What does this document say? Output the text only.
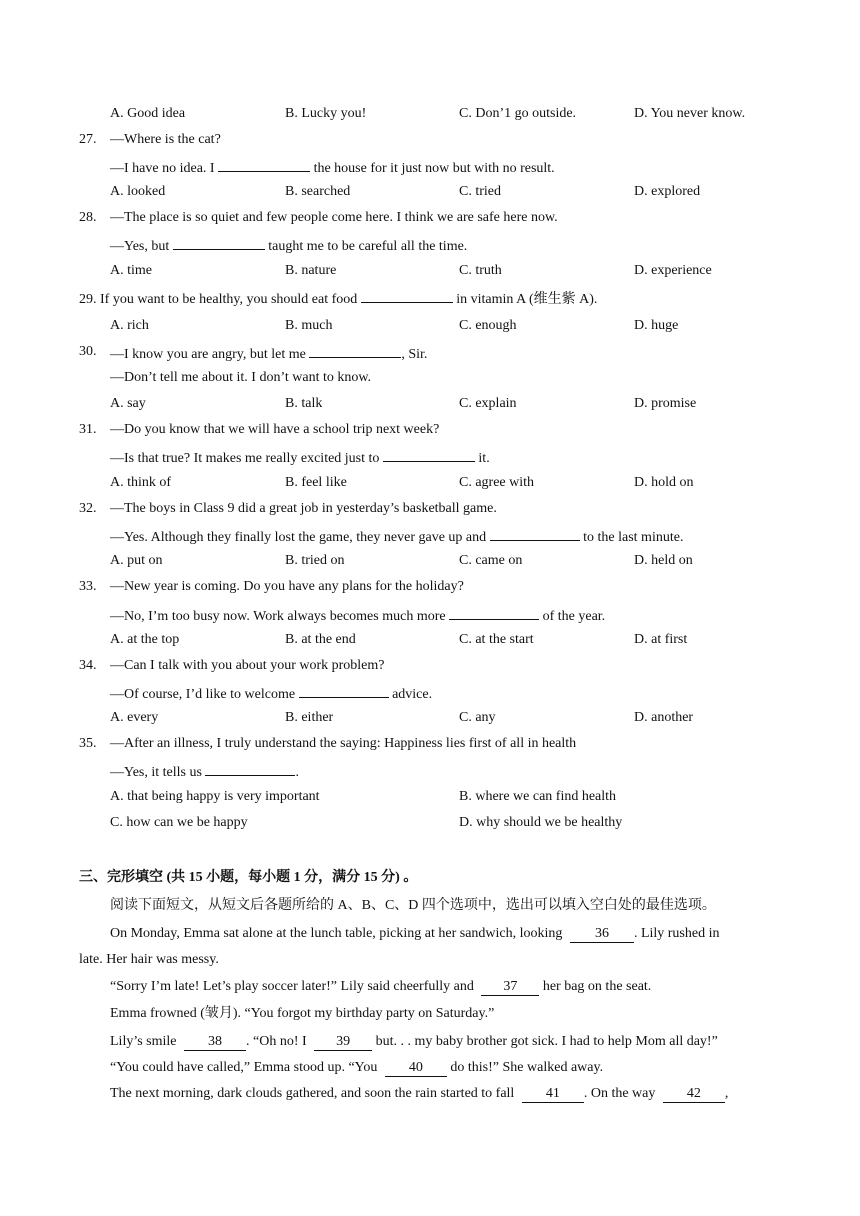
A. Good idea	B. Lucky you!	C. Don’1 go outside.	D. You never know.
27. —Where is the cat?
—I have no idea. I	the house for it just now but with no result.
A. looked	B. searched	C. tried	D. explored
28. —The place is so quiet and few people come here. I think we are safe here now.
—Yes, but	taught me to be careful all the time.
A. time	B. nature	C. truth	D. experience
29. If you want to be healthy, you should eat food	in vitamin A (维生紫 A).
A. rich	B. much	C. enough	D. huge
30. —I know you are angry, but let me	, Sir.
—Don’t tell me about it. I don’t want to know.
A. say	B. talk	C. explain	D. promise
31. —Do you know that we will have a school trip next week?
—Is that true? It makes me really excited just to	it.
A. think of	B. feel like	C. agree with	D. hold on
32. —The boys in Class 9 did a great job in yesterday’s basketball game.
—Yes. Although they finally lost the game, they never gave up and	to the last minute.
A. put on	B. tried on	C. came on	D. held on
33. —New year is coming. Do you have any plans for the holiday?
—No, I’m too busy now. Work always becomes much more	of the year.
A. at the top	B. at the end	C. at the start	D. at first
34. —Can I talk with you about your work problem?
—Of course, I’d like to welcome	advice.
A. every	B. either	C. any	D. another
35. —After an illness, I truly understand the saying: Happiness lies first of all in health
—Yes, it tells us	.
A. that being happy is very important	B. where we can find health
C. how can we be happy	D. why should we be healthy
三、完形填空 (共 15 小题，每小题 1 分，满分 15 分) 。
阅读下面短文，从短文后各题所给的 A、B、C、D 四个选项中，选出可以填入空白处的最佳选项。
On Monday, Emma sat alone at the lunch table, picking at her sandwich, looking 36 . Lily rushed in
late. Her hair was messy.
“Sorry I’m late! Let’s play soccer later!” Lily said cheerfully and 37 her bag on the seat.
Emma frowned (皱月). “You forgot my birthday party on Saturday.”
Lily’s smile 38 . “Oh no! I 39 but. . . my baby brother got sick. I had to help Mom all day!”
“You could have called,” Emma stood up. “You 40 do this!” She walked away.
The next morning, dark clouds gathered, and soon the rain started to fall 41 . On the way 42 ,
